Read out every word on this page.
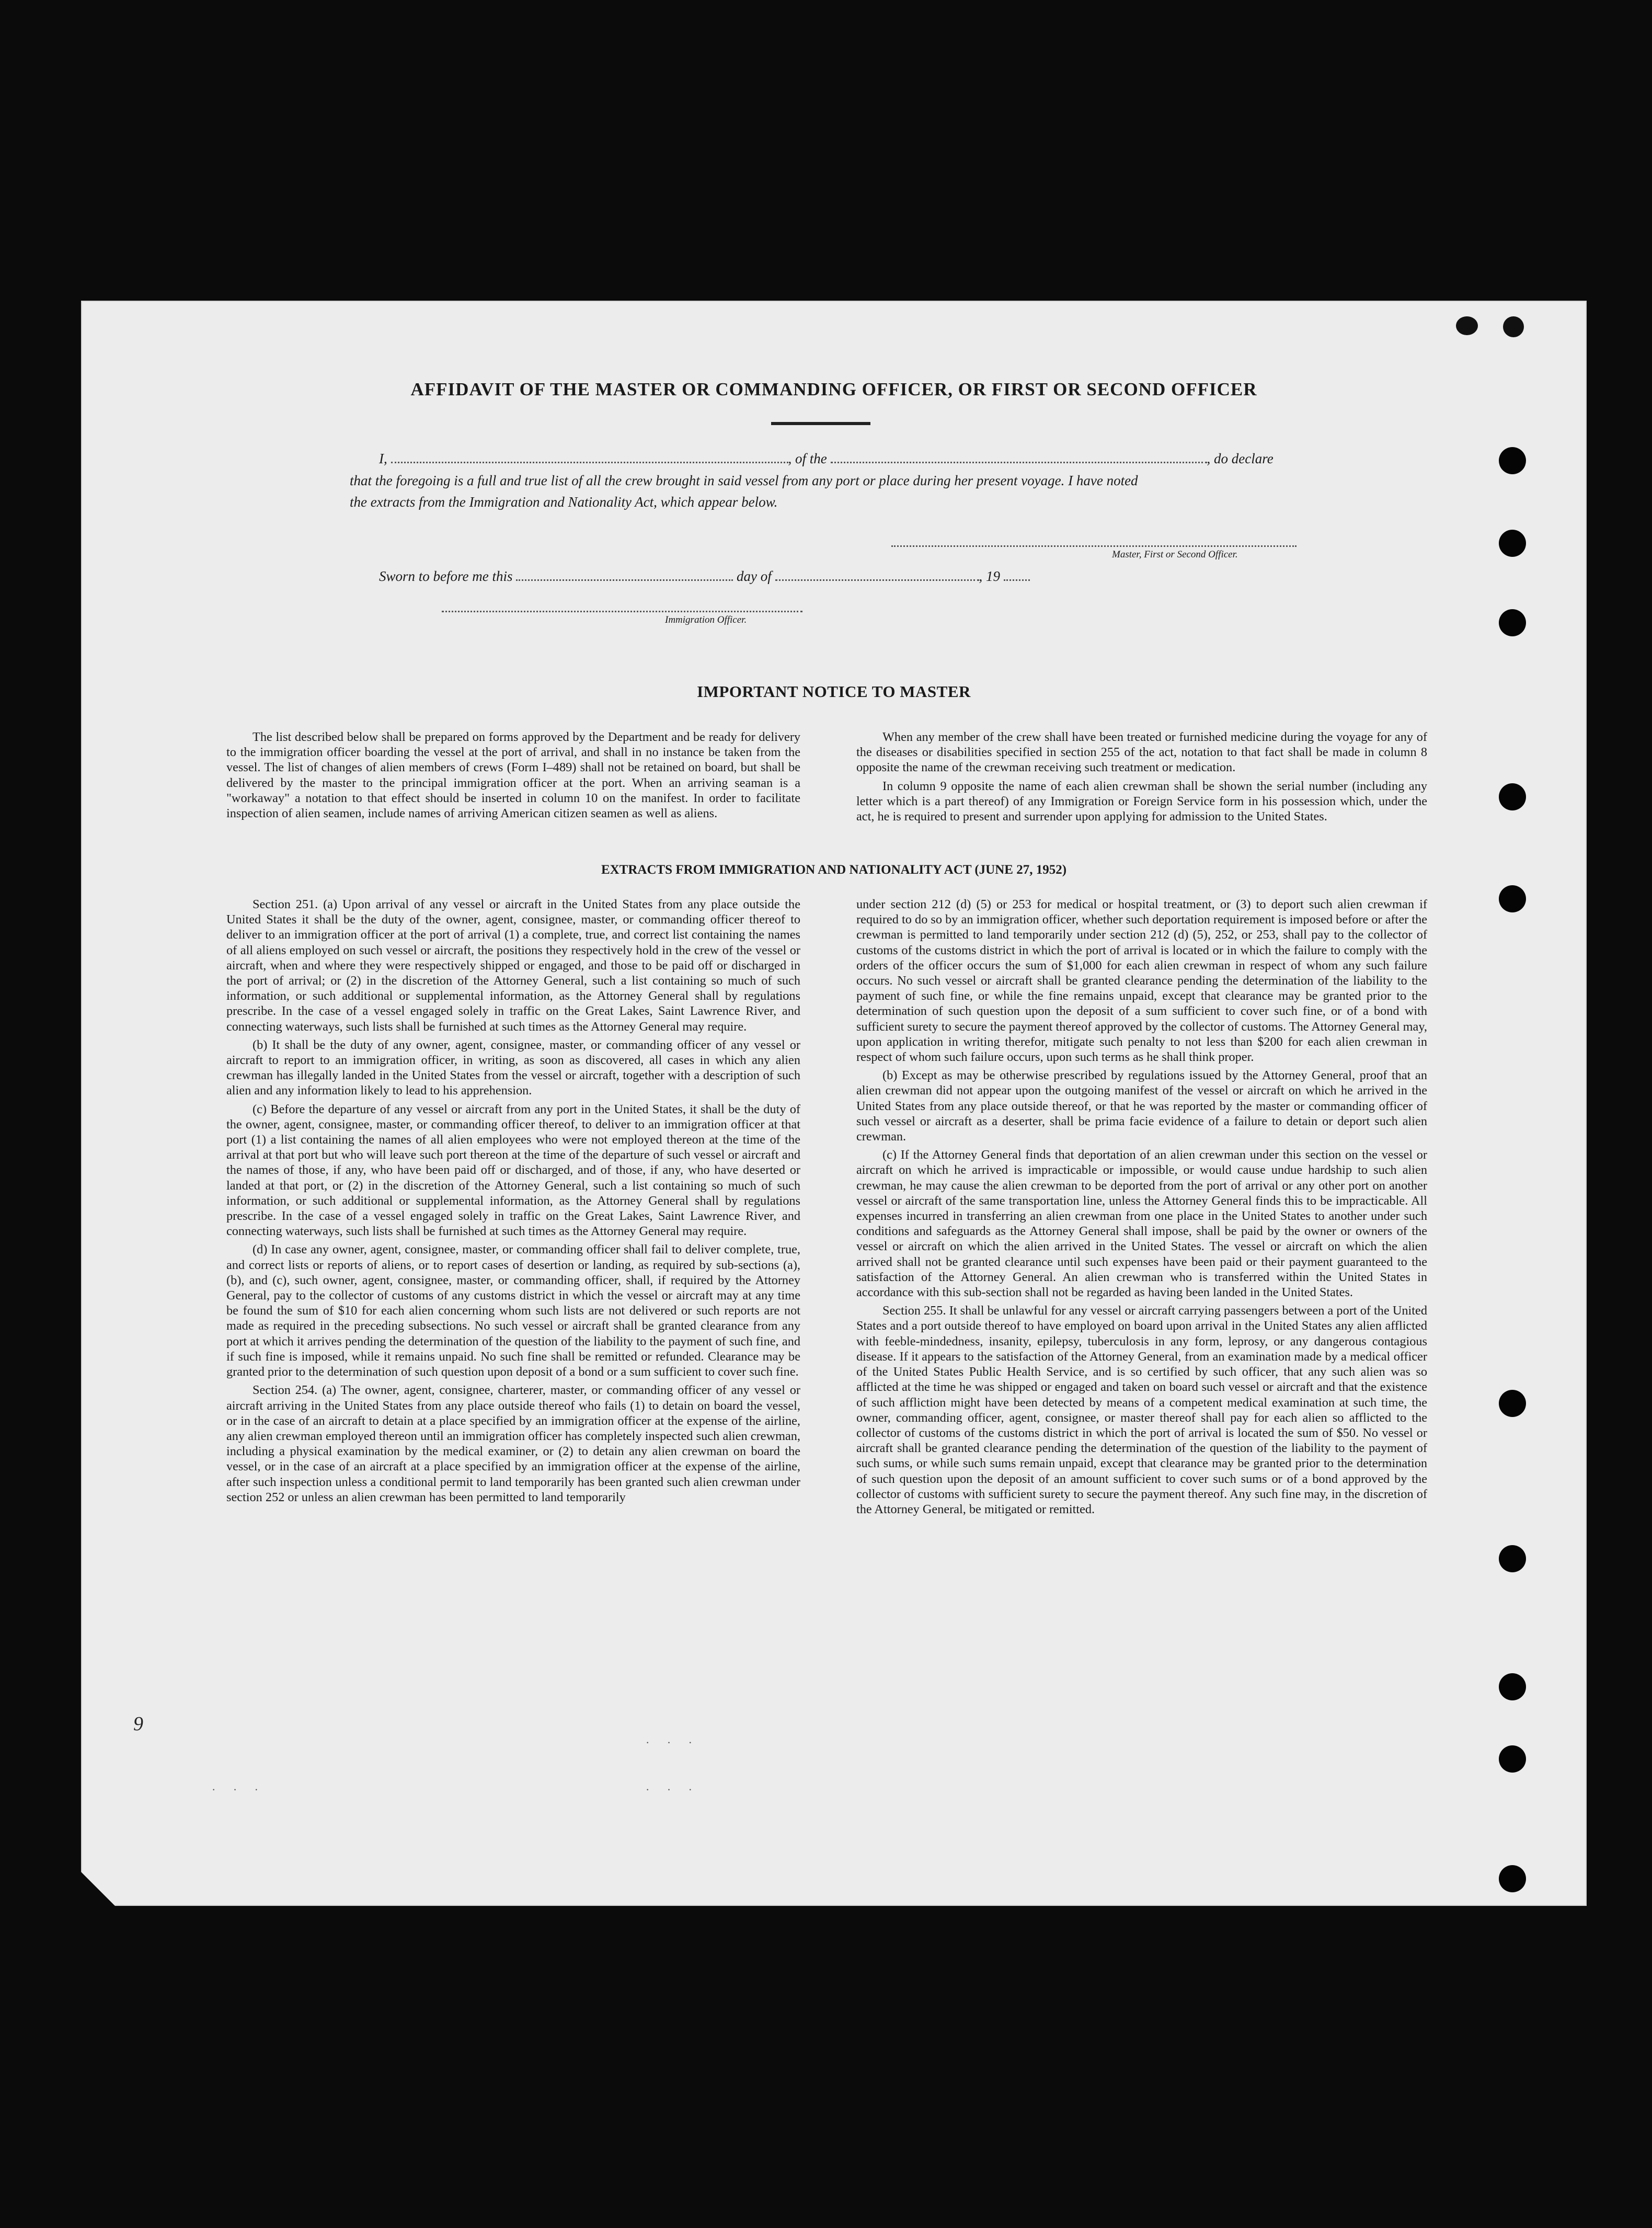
AFFIDAVIT OF THE MASTER OR COMMANDING OFFICER, OR FIRST OR SECOND OFFICER
I,	, of the	, do declare
that the foregoing is a full and true list of all the crew brought in said vessel from any port or place during her present voyage. I have noted
the extracts from the Immigration and Nationality Act, which appear below.
Master, First or Second Officer.
Sworn to before me this	day of	, 19
Immigration Officer.
IMPORTANT NOTICE TO MASTER

The list described below shall be prepared on forms approved by the Department and be ready for delivery to the immigration officer boarding the vessel at the port of arrival, and shall in no instance be taken from the vessel. The list of changes of alien members of crews (Form I–489) shall not be retained on board, but shall be delivered by the master to the principal immigration officer at the port. When an arriving seaman is a "workaway" a notation to that effect should be inserted in column 10 on the manifest. In order to facilitate inspection of alien seamen, include names of arriving American citizen seamen as well as aliens.

When any member of the crew shall have been treated or furnished medicine during the voyage for any of the diseases or disabilities specified in section 255 of the act, notation to that fact shall be made in column 8 opposite the name of the crewman receiving such treatment or medication.

In column 9 opposite the name of each alien crewman shall be shown the serial number (including any letter which is a part thereof) of any Immigration or Foreign Service form in his possession which, under the act, he is required to present and surrender upon applying for admission to the United States.

EXTRACTS FROM IMMIGRATION AND NATIONALITY ACT (JUNE 27, 1952)

Section 251. (a) Upon arrival of any vessel or aircraft in the United States from any place outside the United States it shall be the duty of the owner, agent, consignee, master, or commanding officer thereof to deliver to an immigration officer at the port of arrival (1) a complete, true, and correct list containing the names of all aliens employed on such vessel or aircraft, the positions they respectively hold in the crew of the vessel or aircraft, when and where they were respectively shipped or engaged, and those to be paid off or discharged in the port of arrival; or (2) in the discretion of the Attorney General, such a list containing so much of such information, or such additional or supplemental information, as the Attorney General shall by regulations prescribe. In the case of a vessel engaged solely in traffic on the Great Lakes, Saint Lawrence River, and connecting waterways, such lists shall be furnished at such times as the Attorney General may require.

(b) It shall be the duty of any owner, agent, consignee, master, or commanding officer of any vessel or aircraft to report to an immigration officer, in writing, as soon as discovered, all cases in which any alien crewman has illegally landed in the United States from the vessel or aircraft, together with a description of such alien and any information likely to lead to his apprehension.

(c) Before the departure of any vessel or aircraft from any port in the United States, it shall be the duty of the owner, agent, consignee, master, or commanding officer thereof, to deliver to an immigration officer at that port (1) a list containing the names of all alien employees who were not employed thereon at the time of the arrival at that port but who will leave such port thereon at the time of the departure of such vessel or aircraft and the names of those, if any, who have been paid off or discharged, and of those, if any, who have deserted or landed at that port, or (2) in the discretion of the Attorney General, such a list containing so much of such information, or such additional or supplemental information, as the Attorney General shall by regulations prescribe. In the case of a vessel engaged solely in traffic on the Great Lakes, Saint Lawrence River, and connecting waterways, such lists shall be furnished at such times as the Attorney General may require.

(d) In case any owner, agent, consignee, master, or commanding officer shall fail to deliver complete, true, and correct lists or reports of aliens, or to report cases of desertion or landing, as required by sub-sections (a), (b), and (c), such owner, agent, consignee, master, or commanding officer, shall, if required by the Attorney General, pay to the collector of customs of any customs district in which the vessel or aircraft may at any time be found the sum of $10 for each alien concerning whom such lists are not delivered or such reports are not made as required in the preceding subsections. No such vessel or aircraft shall be granted clearance from any port at which it arrives pending the determination of the question of the liability to the payment of such fine, and if such fine is imposed, while it remains unpaid. No such fine shall be remitted or refunded. Clearance may be granted prior to the determination of such question upon deposit of a bond or a sum sufficient to cover such fine.

Section 254. (a) The owner, agent, consignee, charterer, master, or commanding officer of any vessel or aircraft arriving in the United States from any place outside thereof who fails (1) to detain on board the vessel, or in the case of an aircraft to detain at a place specified by an immigration officer at the expense of the airline, any alien crewman employed thereon until an immigration officer has completely inspected such alien crewman, including a physical examination by the medical examiner, or (2) to detain any alien crewman on board the vessel, or in the case of an aircraft at a place specified by an immigration officer at the expense of the airline, after such inspection unless a conditional permit to land temporarily has been granted such alien crewman under section 252 or unless an alien crewman has been permitted to land temporarily

under section 212 (d) (5) or 253 for medical or hospital treatment, or (3) to deport such alien crewman if required to do so by an immigration officer, whether such deportation requirement is imposed before or after the crewman is permitted to land temporarily under section 212 (d) (5), 252, or 253, shall pay to the collector of customs of the customs district in which the port of arrival is located or in which the failure to comply with the orders of the officer occurs the sum of $1,000 for each alien crewman in respect of whom any such failure occurs. No such vessel or aircraft shall be granted clearance pending the determination of the liability to the payment of such fine, or while the fine remains unpaid, except that clearance may be granted prior to the determination of such question upon the deposit of a sum sufficient to cover such fine, or of a bond with sufficient surety to secure the payment thereof approved by the collector of customs. The Attorney General may, upon application in writing therefor, mitigate such penalty to not less than $200 for each alien crewman in respect of whom such failure occurs, upon such terms as he shall think proper.

(b) Except as may be otherwise prescribed by regulations issued by the Attorney General, proof that an alien crewman did not appear upon the outgoing manifest of the vessel or aircraft on which he arrived in the United States from any place outside thereof, or that he was reported by the master or commanding officer of such vessel or aircraft as a deserter, shall be prima facie evidence of a failure to detain or deport such alien crewman.

(c) If the Attorney General finds that deportation of an alien crewman under this section on the vessel or aircraft on which he arrived is impracticable or impossible, or would cause undue hardship to such alien crewman, he may cause the alien crewman to be deported from the port of arrival or any other port on another vessel or aircraft of the same transportation line, unless the Attorney General finds this to be impracticable. All expenses incurred in transferring an alien crewman from one place in the United States to another under such conditions and safeguards as the Attorney General shall impose, shall be paid by the owner or owners of the vessel or aircraft on which the alien arrived in the United States. The vessel or aircraft on which the alien arrived shall not be granted clearance until such expenses have been paid or their payment guaranteed to the satisfaction of the Attorney General. An alien crewman who is transferred within the United States in accordance with this sub-section shall not be regarded as having been landed in the United States.

Section 255. It shall be unlawful for any vessel or aircraft carrying passengers between a port of the United States and a port outside thereof to have employed on board upon arrival in the United States any alien afflicted with feeble-mindedness, insanity, epilepsy, tuberculosis in any form, leprosy, or any dangerous contagious disease. If it appears to the satisfaction of the Attorney General, from an examination made by a medical officer of the United States Public Health Service, and is so certified by such officer, that any such alien was so afflicted at the time he was shipped or engaged and taken on board such vessel or aircraft and that the existence of such affliction might have been detected by means of a competent medical examination at such time, the owner, commanding officer, agent, consignee, or master thereof shall pay for each alien so afflicted to the collector of customs of the customs district in which the port of arrival is located the sum of $50. No vessel or aircraft shall be granted clearance pending the determination of the question of the liability to the payment of such sums, or while such sums remain unpaid, except that clearance may be granted prior to the determination of such question upon the deposit of an amount sufficient to cover such sums or of a bond approved by the collector of customs with sufficient surety to secure the payment thereof. Any such fine may, in the discretion of the Attorney General, be mitigated or remitted.

9
· · ·
· · ·
· · ·
